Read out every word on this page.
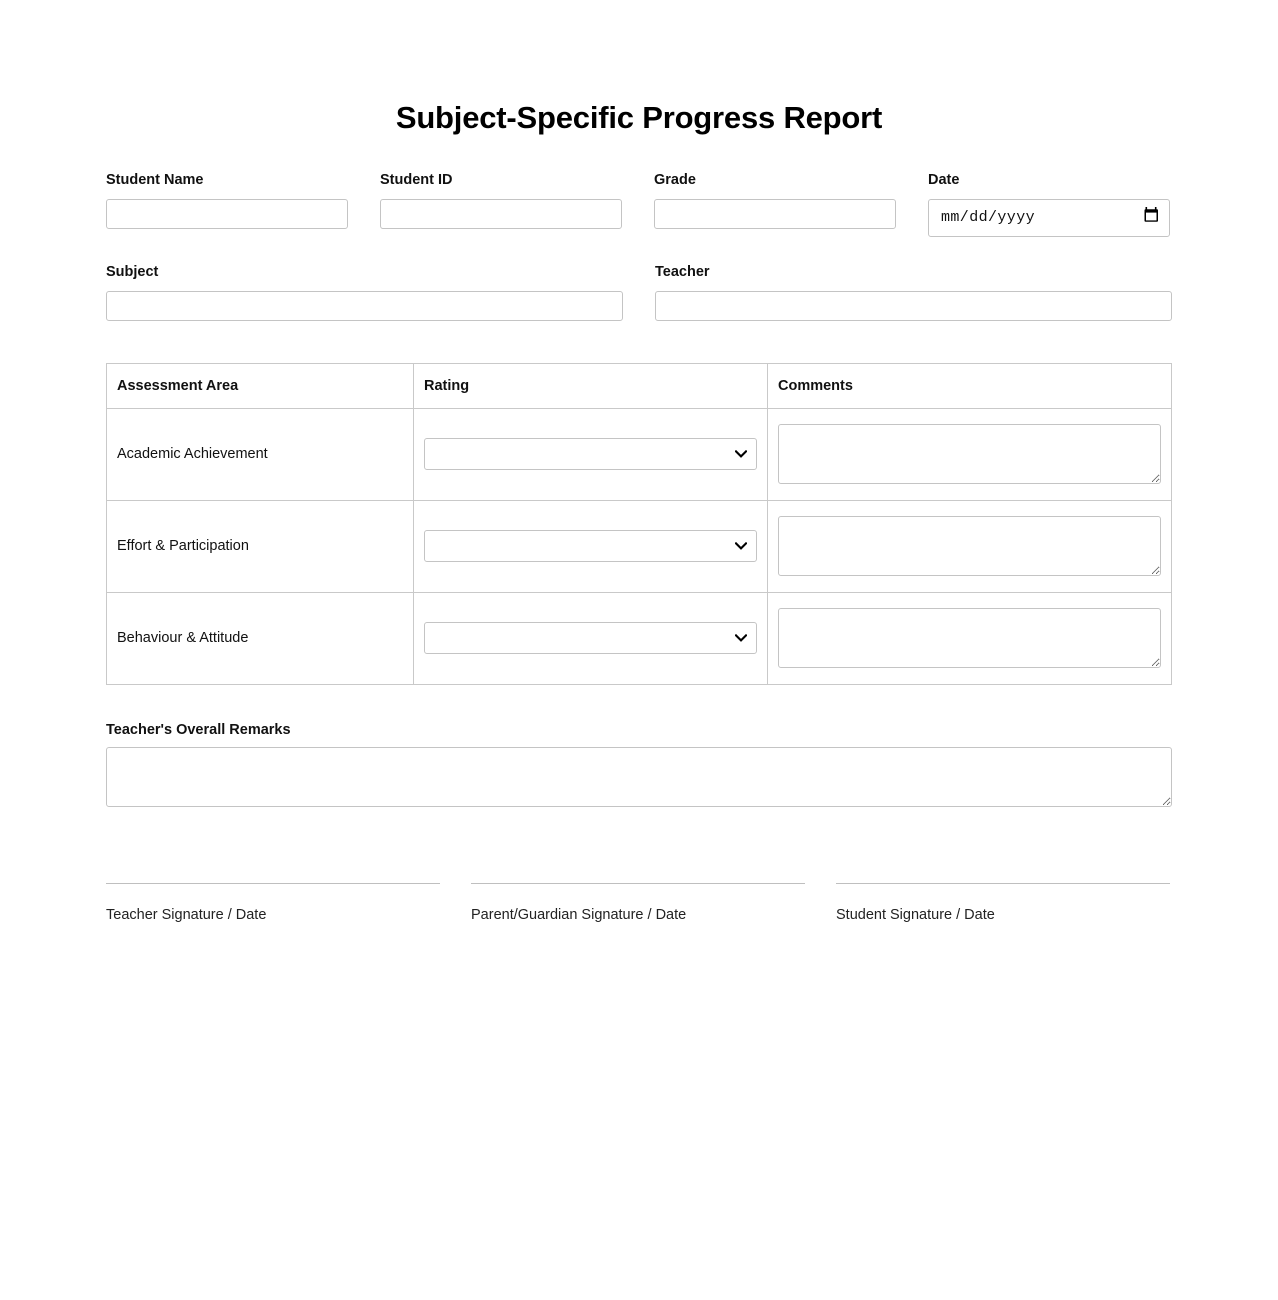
Subject-Specific Progress Report
Student Name	Student ID	Grade	Date
mm/dd/yyyy
Subject	Teacher
Assessment Area	Rating	Comments
Academic Achievement	

Effort & Participation	

Behaviour & Attitude	

Teacher's Overall Remarks
Teacher Signature / Date	Parent/Guardian Signature / Date	Student Signature / Date
